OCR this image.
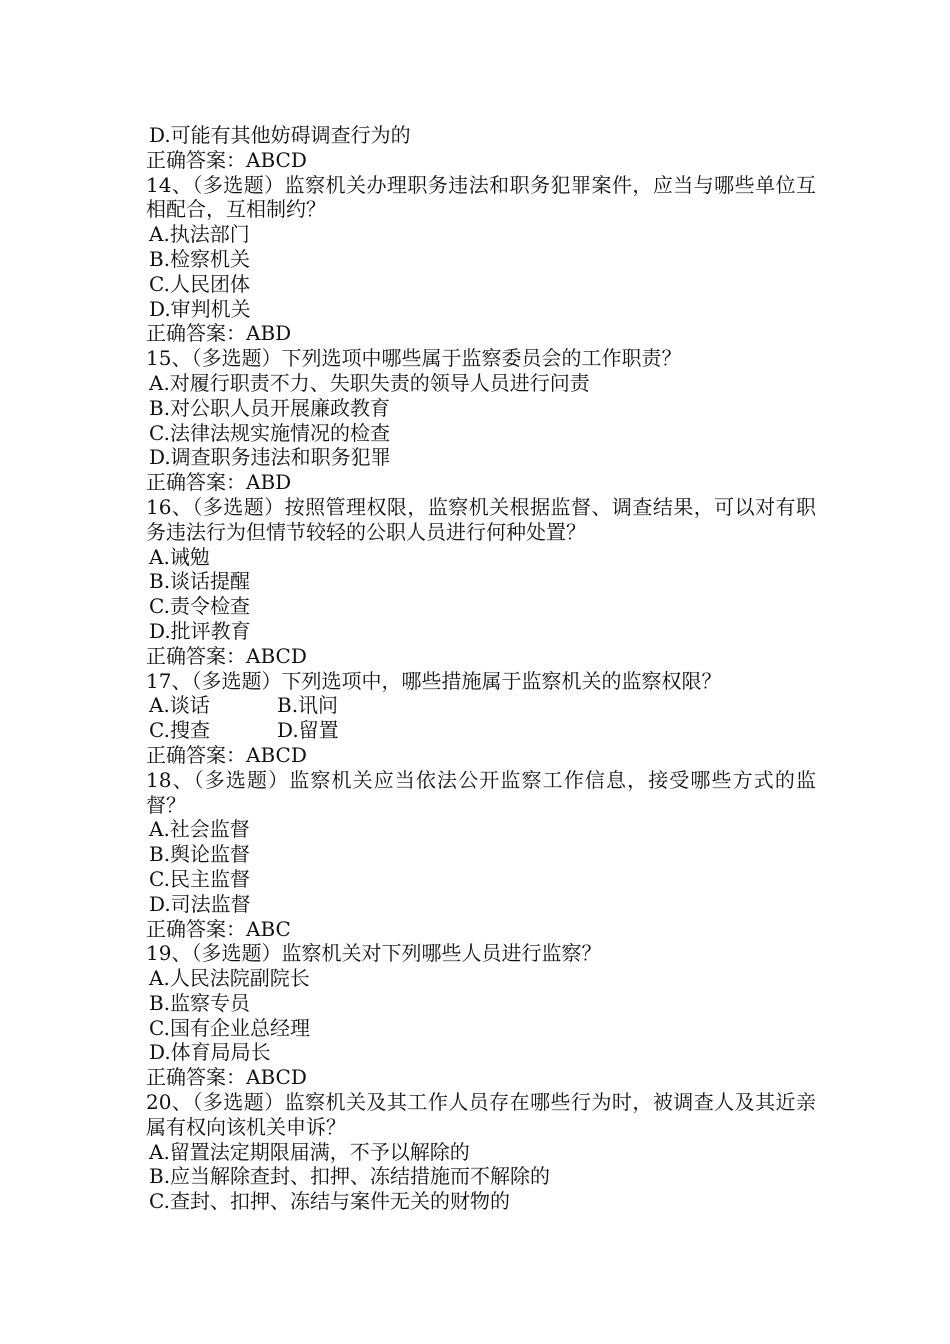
D.可能有其他妨碍调查行为的
正确答案：ABCD
14、（多选题）监察机关办理职务违法和职务犯罪案件，应当与哪些单位互相配合，互相制约？
A.执法部门
B.检察机关
C.人民团体
D.审判机关
正确答案：ABD
15、（多选题）下列选项中哪些属于监察委员会的工作职责？
A.对履行职责不力、失职失责的领导人员进行问责
B.对公职人员开展廉政教育
C.法律法规实施情况的检查
D.调查职务违法和职务犯罪
正确答案：ABD
16、（多选题）按照管理权限，监察机关根据监督、调查结果，可以对有职务违法行为但情节较轻的公职人员进行何种处置？
A.诫勉
B.谈话提醒
C.责令检查
D.批评教育
正确答案：ABCD
17、（多选题）下列选项中，哪些措施属于监察机关的监察权限？
A.谈话	B.讯问
C.搜查	D.留置
正确答案：ABCD
18、（多选题）监察机关应当依法公开监察工作信息，接受哪些方式的监督？
A.社会监督
B.舆论监督
C.民主监督
D.司法监督
正确答案：ABC
19、（多选题）监察机关对下列哪些人员进行监察？
A.人民法院副院长
B.监察专员
C.国有企业总经理
D.体育局局长
正确答案：ABCD
20、（多选题）监察机关及其工作人员存在哪些行为时，被调查人及其近亲属有权向该机关申诉？
A.留置法定期限届满，不予以解除的
B.应当解除查封、扣押、冻结措施而不解除的
C.查封、扣押、冻结与案件无关的财物的
